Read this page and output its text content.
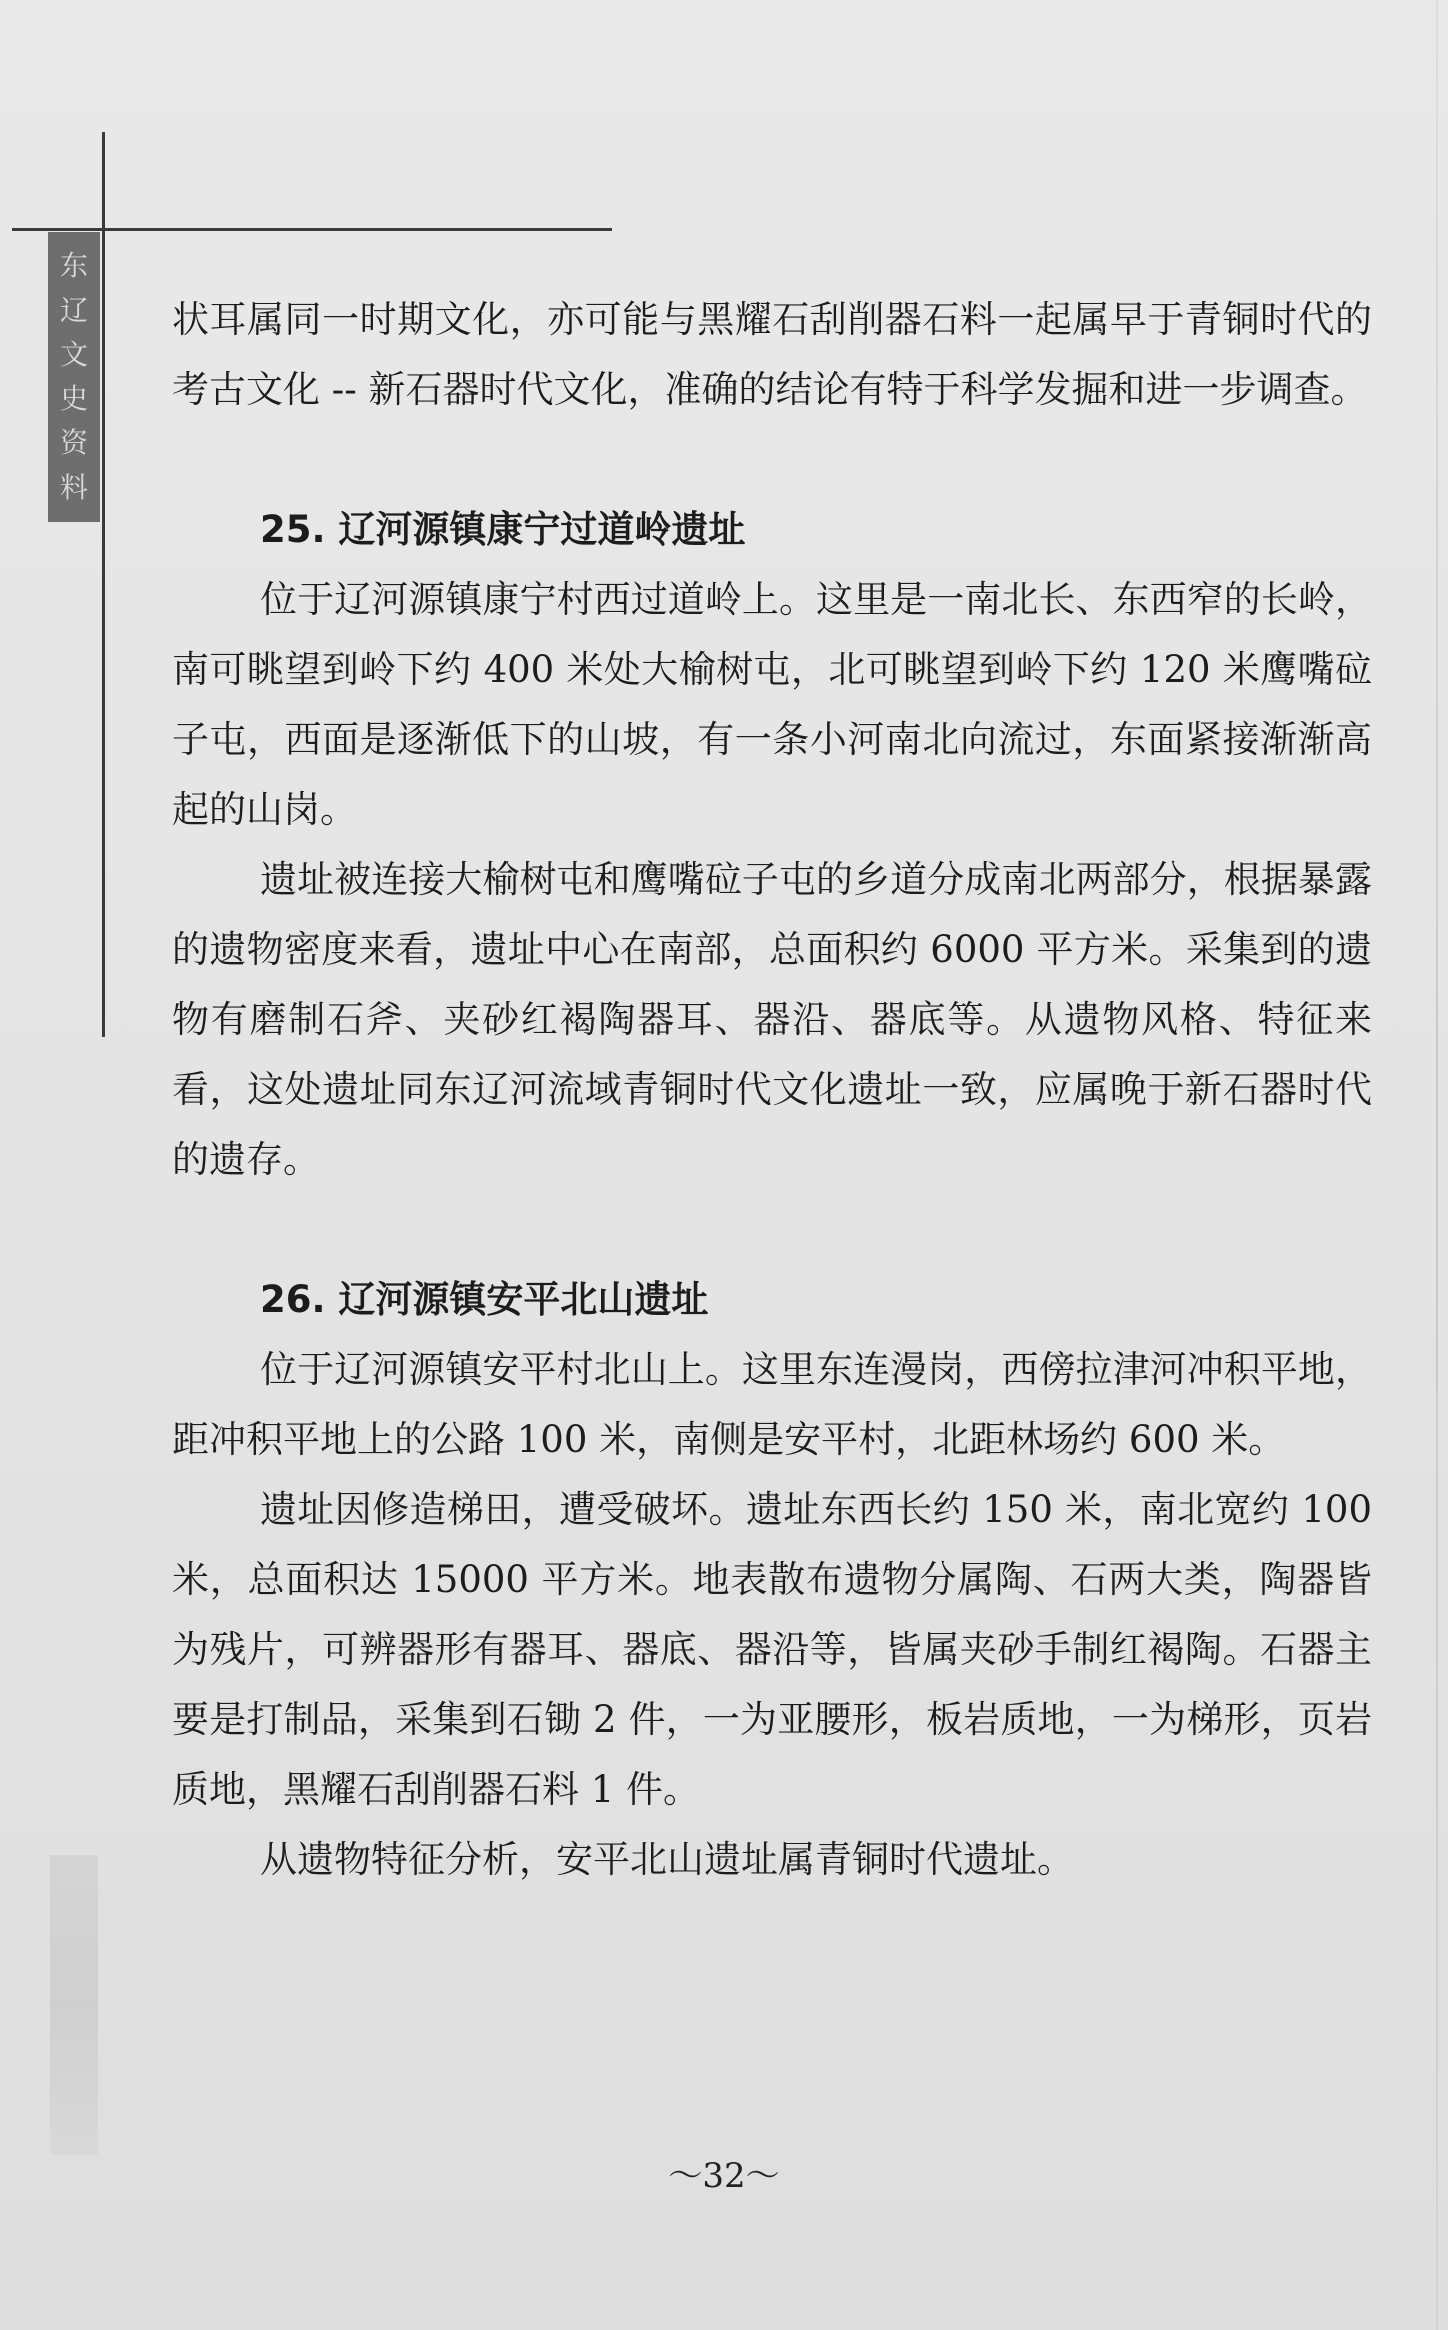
东
辽
文
史
资
料

状耳属同一时期文化，亦可能与黑耀石刮削器石料一起属早于青铜时代的考古文化 -- 新石器时代文化，准确的结论有特于科学发掘和进一步调查。

25. 辽河源镇康宁过道岭遗址

位于辽河源镇康宁村西过道岭上。这里是一南北长、东西窄的长岭，南可眺望到岭下约 400 米处大榆树屯，北可眺望到岭下约 120 米鹰嘴砬子屯，西面是逐渐低下的山坡，有一条小河南北向流过，东面紧接渐渐高起的山岗。

遗址被连接大榆树屯和鹰嘴砬子屯的乡道分成南北两部分，根据暴露的遗物密度来看，遗址中心在南部，总面积约 6000 平方米。采集到的遗物有磨制石斧、夹砂红褐陶器耳、器沿、器底等。从遗物风格、特征来看，这处遗址同东辽河流域青铜时代文化遗址一致，应属晚于新石器时代的遗存。

26. 辽河源镇安平北山遗址

位于辽河源镇安平村北山上。这里东连漫岗，西傍拉津河冲积平地，距冲积平地上的公路 100 米，南侧是安平村，北距林场约 600 米。

遗址因修造梯田，遭受破坏。遗址东西长约 150 米，南北宽约 100 米，总面积达 15000 平方米。地表散布遗物分属陶、石两大类，陶器皆为残片，可辨器形有器耳、器底、器沿等，皆属夹砂手制红褐陶。石器主要是打制品，采集到石锄 2 件，一为亚腰形，板岩质地，一为梯形，页岩质地，黑耀石刮削器石料 1 件。

从遗物特征分析，安平北山遗址属青铜时代遗址。

～32～
